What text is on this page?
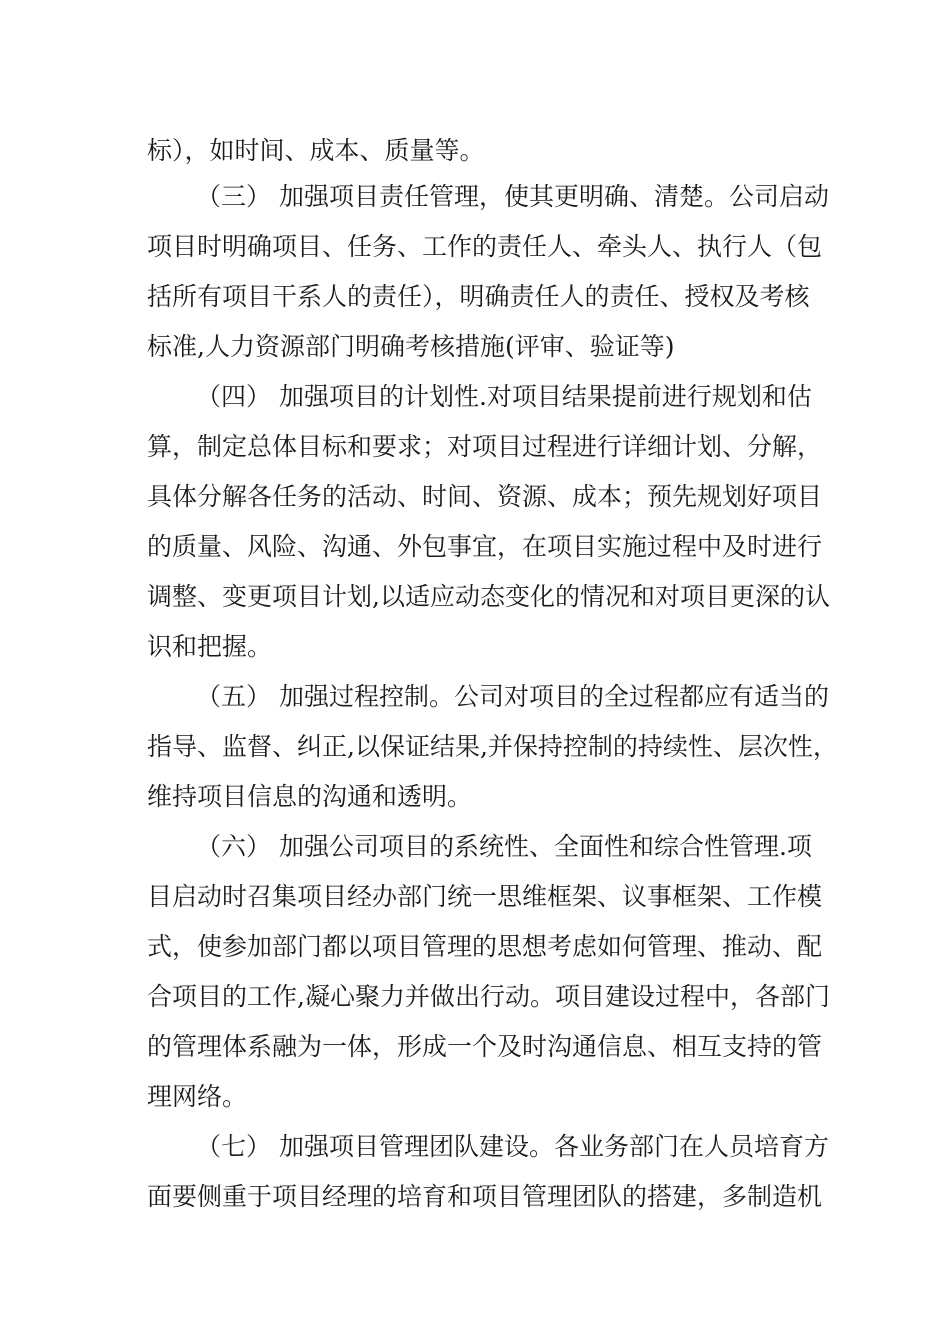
标），如时间、成本、质量等。
（三） 加强项目责任管理，使其更明确、清楚。公司启动
项目时明确项目、任务、工作的责任人、牵头人、执行人（包
括所有项目干系人的责任），明确责任人的责任、授权及考核
标准,人力资源部门明确考核措施(评审、验证等)
（四） 加强项目的计划性.对项目结果提前进行规划和估
算，制定总体目标和要求；对项目过程进行详细计划、分解，
具体分解各任务的活动、时间、资源、成本；预先规划好项目
的质量、风险、沟通、外包事宜，在项目实施过程中及时进行
调整、变更项目计划,以适应动态变化的情况和对项目更深的认
识和把握。
（五） 加强过程控制。公司对项目的全过程都应有适当的
指导、监督、纠正,以保证结果,并保持控制的持续性、层次性，
维持项目信息的沟通和透明。
（六） 加强公司项目的系统性、全面性和综合性管理.项
目启动时召集项目经办部门统一思维框架、议事框架、工作模
式，使参加部门都以项目管理的思想考虑如何管理、推动、配
合项目的工作,凝心聚力并做出行动。项目建设过程中，各部门
的管理体系融为一体，形成一个及时沟通信息、相互支持的管
理网络。
（七） 加强项目管理团队建设。各业务部门在人员培育方
面要侧重于项目经理的培育和项目管理团队的搭建，多制造机
